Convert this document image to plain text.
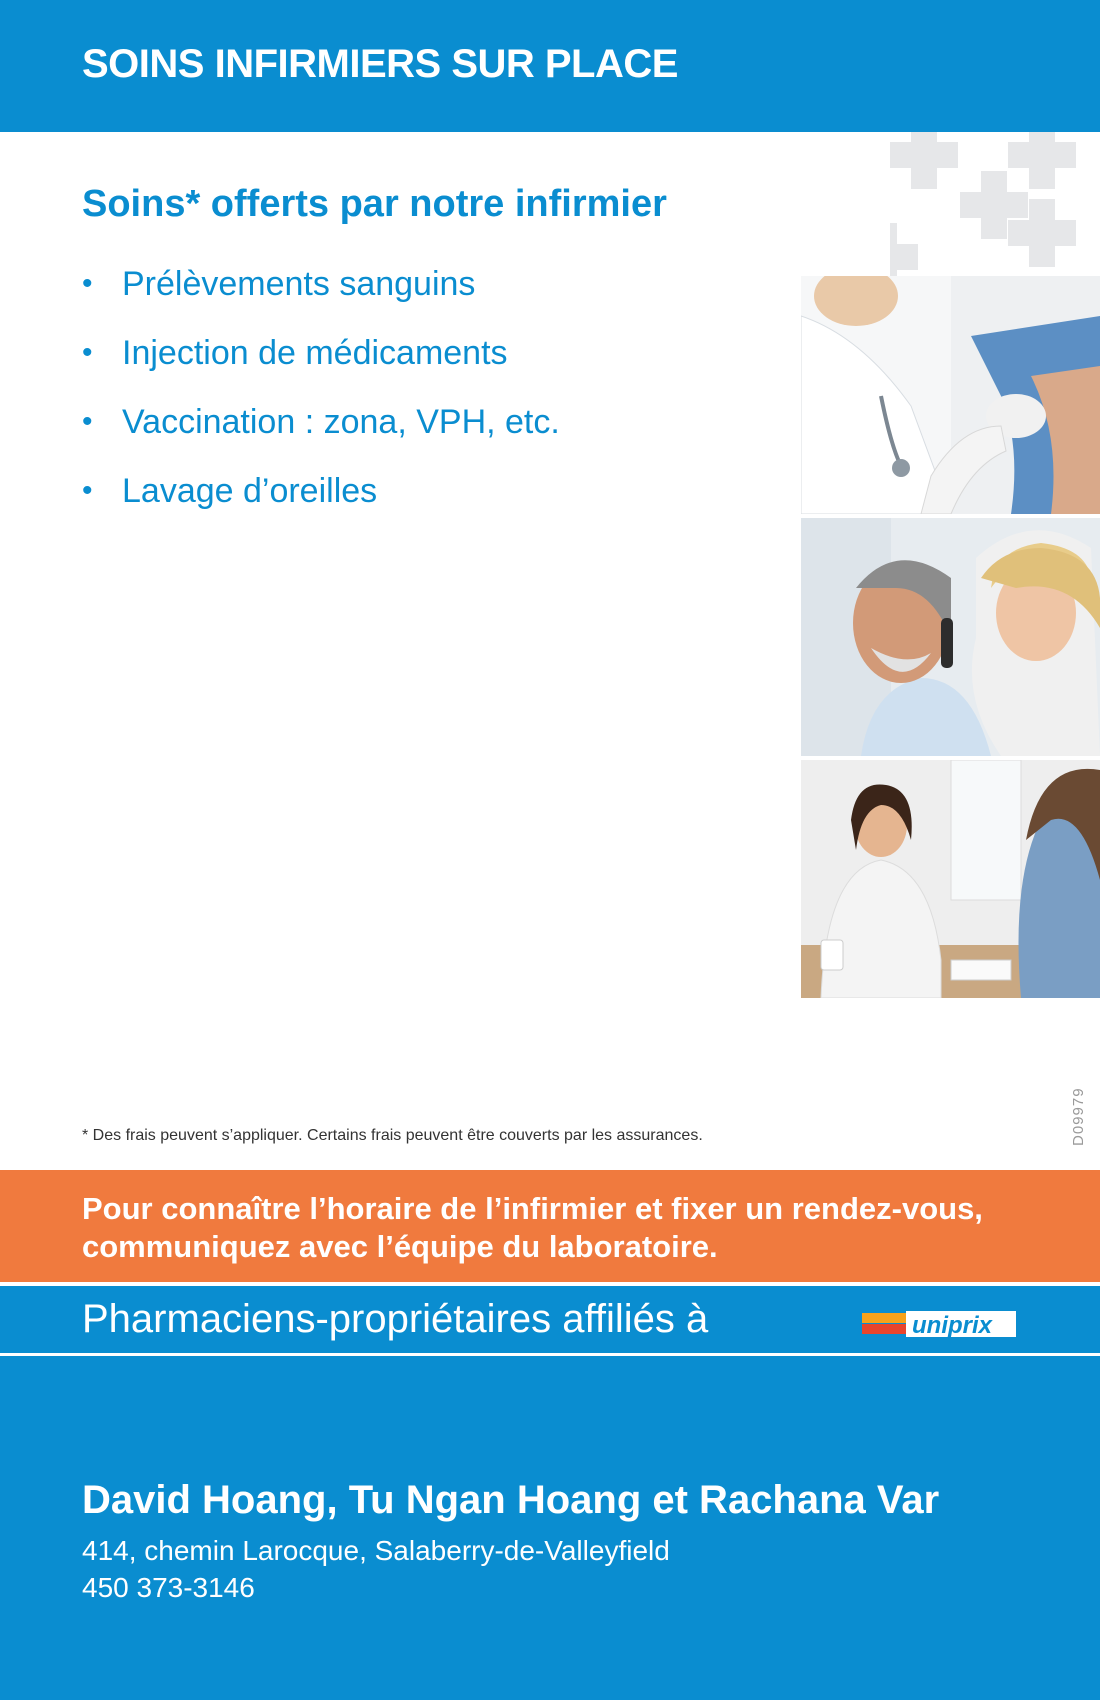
SOINS INFIRMIERS SUR PLACE
Soins* offerts par notre infirmier
• Prélèvements sanguins
• Injection de médicaments
• Vaccination : zona, VPH, etc.
• Lavage d’oreilles
* Des frais peuvent s’appliquer. Certains frais peuvent être couverts par les assurances.	D09979
Pour connaître l’horaire de l’infirmier et fixer un rendez-vous,
communiquez avec l’équipe du laboratoire.
Pharmaciens-propriétaires affiliés à	uniprix
David Hoang, Tu Ngan Hoang et Rachana Var
414, chemin Larocque, Salaberry-de-Valleyfield
450 373-3146
